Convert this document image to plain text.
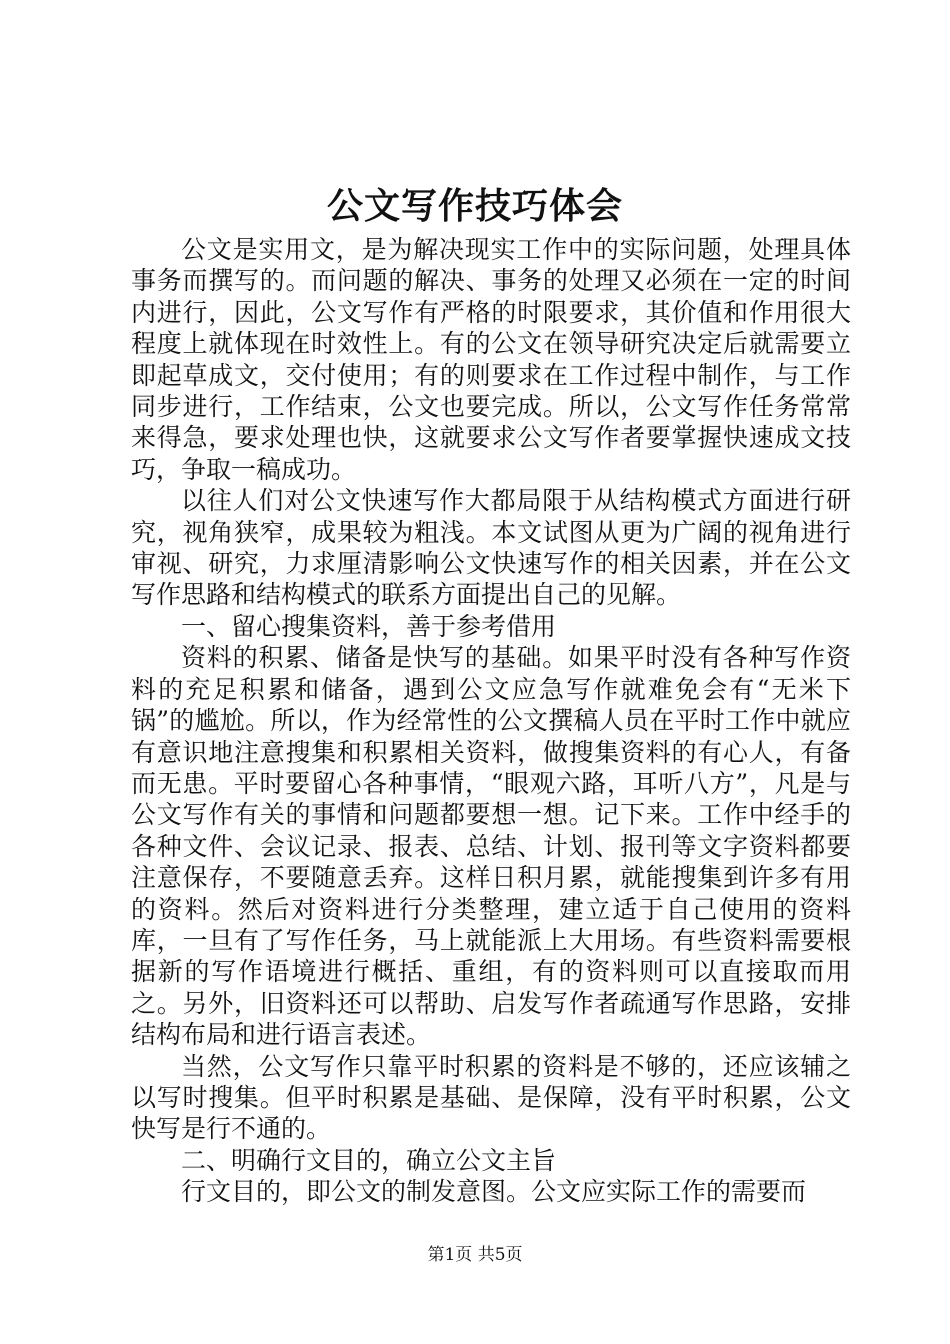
公文写作技巧体会

公文是实用文，是为解决现实工作中的实际问题，处理具体事务而撰写的。而问题的解决、事务的处理又必须在一定的时间内进行，因此，公文写作有严格的时限要求，其价值和作用很大程度上就体现在时效性上。有的公文在领导研究决定后就需要立即起草成文，交付使用；有的则要求在工作过程中制作，与工作同步进行，工作结束，公文也要完成。所以，公文写作任务常常来得急，要求处理也快，这就要求公文写作者要掌握快速成文技巧，争取一稿成功。

以往人们对公文快速写作大都局限于从结构模式方面进行研究，视角狭窄，成果较为粗浅。本文试图从更为广阔的视角进行审视、研究，力求厘清影响公文快速写作的相关因素，并在公文写作思路和结构模式的联系方面提出自己的见解。

一、留心搜集资料，善于参考借用

资料的积累、储备是快写的基础。如果平时没有各种写作资料的充足积累和储备，遇到公文应急写作就难免会有“无米下锅”的尴尬。所以，作为经常性的公文撰稿人员在平时工作中就应有意识地注意搜集和积累相关资料，做搜集资料的有心人，有备而无患。平时要留心各种事情，“眼观六路，耳听八方”，凡是与公文写作有关的事情和问题都要想一想。记下来。工作中经手的各种文件、会议记录、报表、总结、计划、报刊等文字资料都要注意保存，不要随意丢弃。这样日积月累，就能搜集到许多有用的资料。然后对资料进行分类整理，建立适于自己使用的资料库，一旦有了写作任务，马上就能派上大用场。有些资料需要根据新的写作语境进行概括、重组，有的资料则可以直接取而用之。另外，旧资料还可以帮助、启发写作者疏通写作思路，安排结构布局和进行语言表述。

当然，公文写作只靠平时积累的资料是不够的，还应该辅之以写时搜集。但平时积累是基础、是保障，没有平时积累，公文快写是行不通的。

二、明确行文目的，确立公文主旨

行文目的，即公文的制发意图。公文应实际工作的需要而

第1页 共5页
